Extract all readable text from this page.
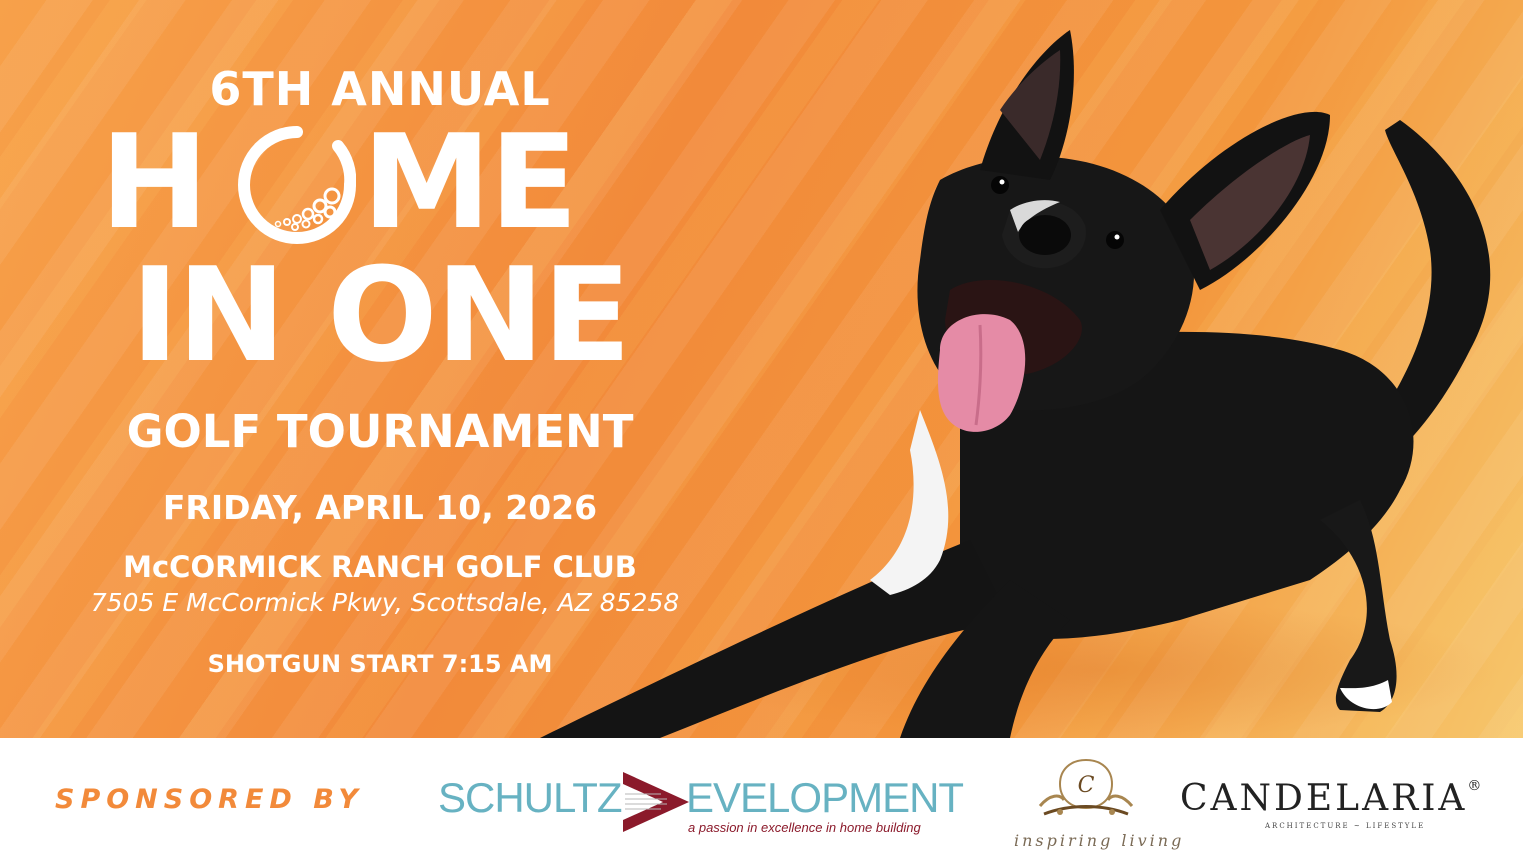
6TH ANNUAL
H ME
IN ONE
GOLF TOURNAMENT
FRIDAY, APRIL 10, 2026
McCORMICK RANCH GOLF CLUB
7505 E McCormick Pkwy, Scottsdale, AZ 85258
SHOTGUN START 7:15 AM
SPONSORED BY SCHULTZ EVELOPMENT
a passion in excellence in home building
C
inspiring living
CANDELARIA®
ARCHITECTURE ~ LIFESTYLE
